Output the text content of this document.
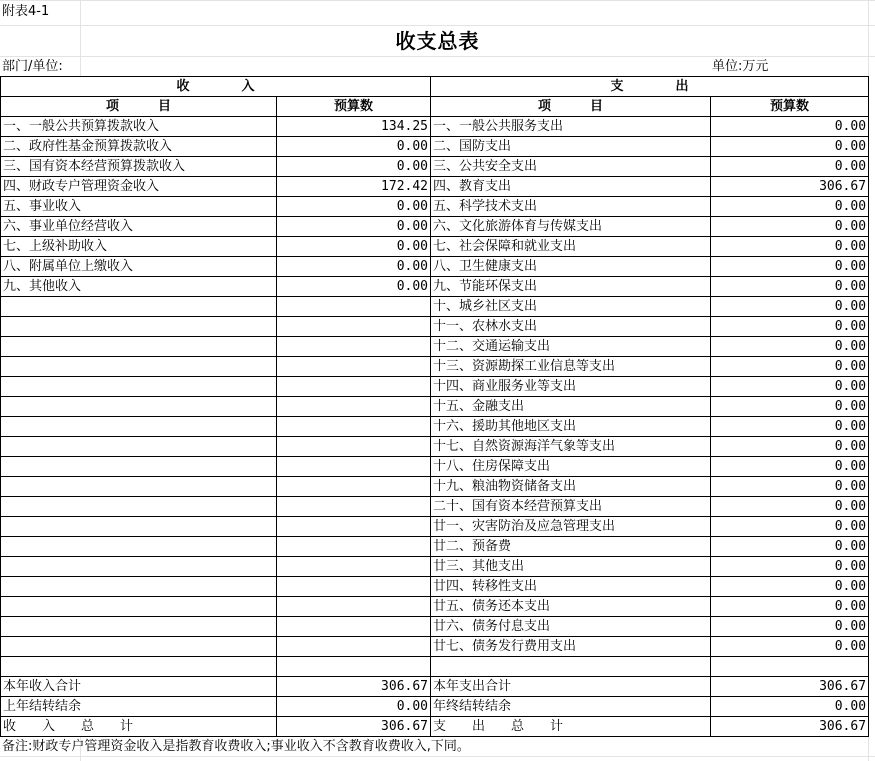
附表4-1
收支总表
部门/单位:	单位:万元
收　　　　入		支　　　　出	
项　　　目	预算数	项　　　目	预算数
一、一般公共预算拨款收入	134.25	一、一般公共服务支出	0.00
二、政府性基金预算拨款收入	0.00	二、国防支出	0.00
三、国有资本经营预算拨款收入	0.00	三、公共安全支出	0.00
四、财政专户管理资金收入	172.42	四、教育支出	306.67
五、事业收入	0.00	五、科学技术支出	0.00
六、事业单位经营收入	0.00	六、文化旅游体育与传媒支出	0.00
七、上级补助收入	0.00	七、社会保障和就业支出	0.00
八、附属单位上缴收入	0.00	八、卫生健康支出	0.00
九、其他收入	0.00	九、节能环保支出	0.00
		十、城乡社区支出	0.00
		十一、农林水支出	0.00
		十二、交通运输支出	0.00
		十三、资源勘探工业信息等支出	0.00
		十四、商业服务业等支出	0.00
		十五、金融支出	0.00
		十六、援助其他地区支出	0.00
		十七、自然资源海洋气象等支出	0.00
		十八、住房保障支出	0.00
		十九、粮油物资储备支出	0.00
		二十、国有资本经营预算支出	0.00
		廿一、灾害防治及应急管理支出	0.00
		廿二、预备费	0.00
		廿三、其他支出	0.00
		廿四、转移性支出	0.00
		廿五、债务还本支出	0.00
		廿六、债务付息支出	0.00
		廿七、债务发行费用支出	0.00

本年收入合计	306.67	本年支出合计	306.67
上年结转结余	0.00	年终结转结余	0.00
收　　入　　总　　计	306.67	支　　出　　总　　计	306.67
备注:财政专户管理资金收入是指教育收费收入;事业收入不含教育收费收入,下同。
